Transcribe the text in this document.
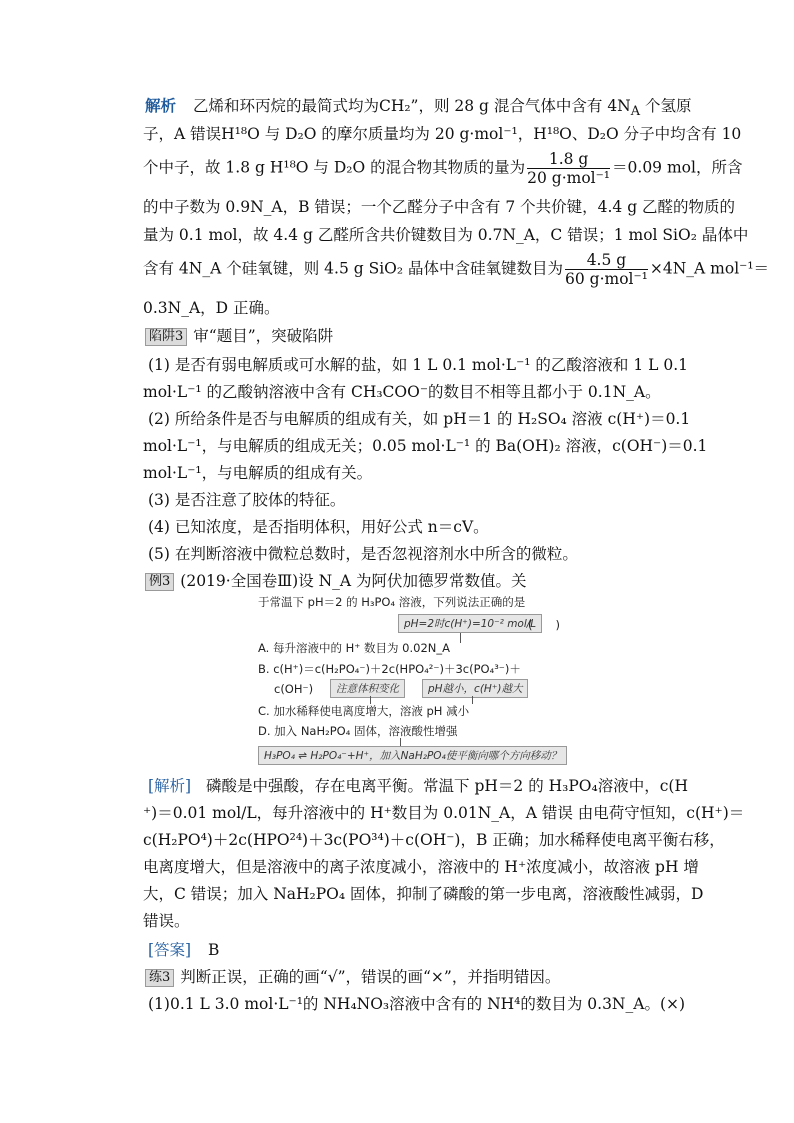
解析 乙烯和环丙烷的最简式均为CH₂”，则 28 g 混合气体中含有 $4N_A$ 个氢原
子，A 错误H¹⁸O 与 D₂O 的摩尔质量均为 20 g·mol⁻¹，H¹⁸O、D₂O 分子中均含有 10
个中子，故 1.8 g H¹⁸O 与 D₂O 的混合物其物质的量为 $\frac{1.8 g}{\text{20 g·mol⁻¹}} =0.09$ mol，所含
的中子数为 0.9N_A，B 错误；一个乙醛分子中含有 7 个共价键，4.4 g 乙醛的物质的
量为 0.1 mol，故 4.4 g 乙醛所含共价键数目为 0.7N_A，C 错误；1 mol SiO₂ 晶体中
含有 4N_A 个硅氧键，则 4.5 g SiO₂ 晶体中含硅氧键数目为 $\frac{4.5 g}{\text{60 g·mol⁻¹}}$ ×4N_A mol⁻¹＝
0.3N_A，D 正确。
陷阱3 审“题目”，突破陷阱
(1) 是否有弱电解质或可水解的盐，如 1 L 0.1 mol·L⁻¹ 的乙酸溶液和 1 L 0.1
mol·L⁻¹ 的乙酸钠溶液中含有 CH₃COO⁻的数目不相等且都小于 0.1N_A。
(2) 所给条件是否与电解质的组成有关，如 pH＝1 的 H₂SO₄ 溶液 c(H⁺)＝0.1
mol·L⁻¹，与电解质的组成无关；0.05 mol·L⁻¹ 的 Ba(OH)₂ 溶液，c(OH⁻)＝0.1
mol·L⁻¹，与电解质的组成有关。
(3) 是否注意了胶体的特征。
(4) 已知浓度，是否指明体积，用好公式 n＝cV。
(5) 在判断溶液中微粒总数时，是否忽视溶剂水中所含的微粒。
例3 (2019·全国卷Ⅲ)设 N_A 为阿伏加德罗常数值。关
于常温下 pH＝2 的 H₃PO₄ 溶液，下列说法正确的是
pH=2时c(H⁺)=10⁻² mol/L
(　　)
A. 每升溶液中的 H⁺ 数目为 0.02N_A
B. c(H⁺)＝c(H₂PO₄⁻)＋2c(HPO₄²⁻)＋3c(PO₄³⁻)＋
c(OH⁻)	注意体积变化	pH越小，c(H⁺)越大
C. 加水稀释使电离度增大，溶液 pH 减小
D. 加入 NaH₂PO₄ 固体，溶液酸性增强
H₃PO₄ ⇌ H₂PO₄⁻+H⁺，加入NaH₂PO₄使平衡向哪个方向移动？
[解析] 磷酸是中强酸，存在电离平衡。常温下 pH＝2 的 H₃PO₄溶液中，c(H
⁺)＝0.01 mol/L，每升溶液中的 H⁺数目为 0.01N_A，A 错误 由电荷守恒知，c(H⁺)＝
c(H₂PO⁴)＋2c(HPO²⁴)＋3c(PO³⁴)＋c(OH⁻)，B 正确；加水稀释使电离平衡右移，
电离度增大，但是溶液中的离子浓度减小，溶液中的 H⁺浓度减小，故溶液 pH 增
大，C 错误；加入 NaH₂PO₄ 固体，抑制了磷酸的第一步电离，溶液酸性减弱，D
错误。
[答案] B
练3 判断正误，正确的画“√”，错误的画“×”，并指明错因。
(1)0.1 L 3.0 mol·L⁻¹的 NH₄NO₃溶液中含有的 NH⁴的数目为 0.3N_A。(×)
